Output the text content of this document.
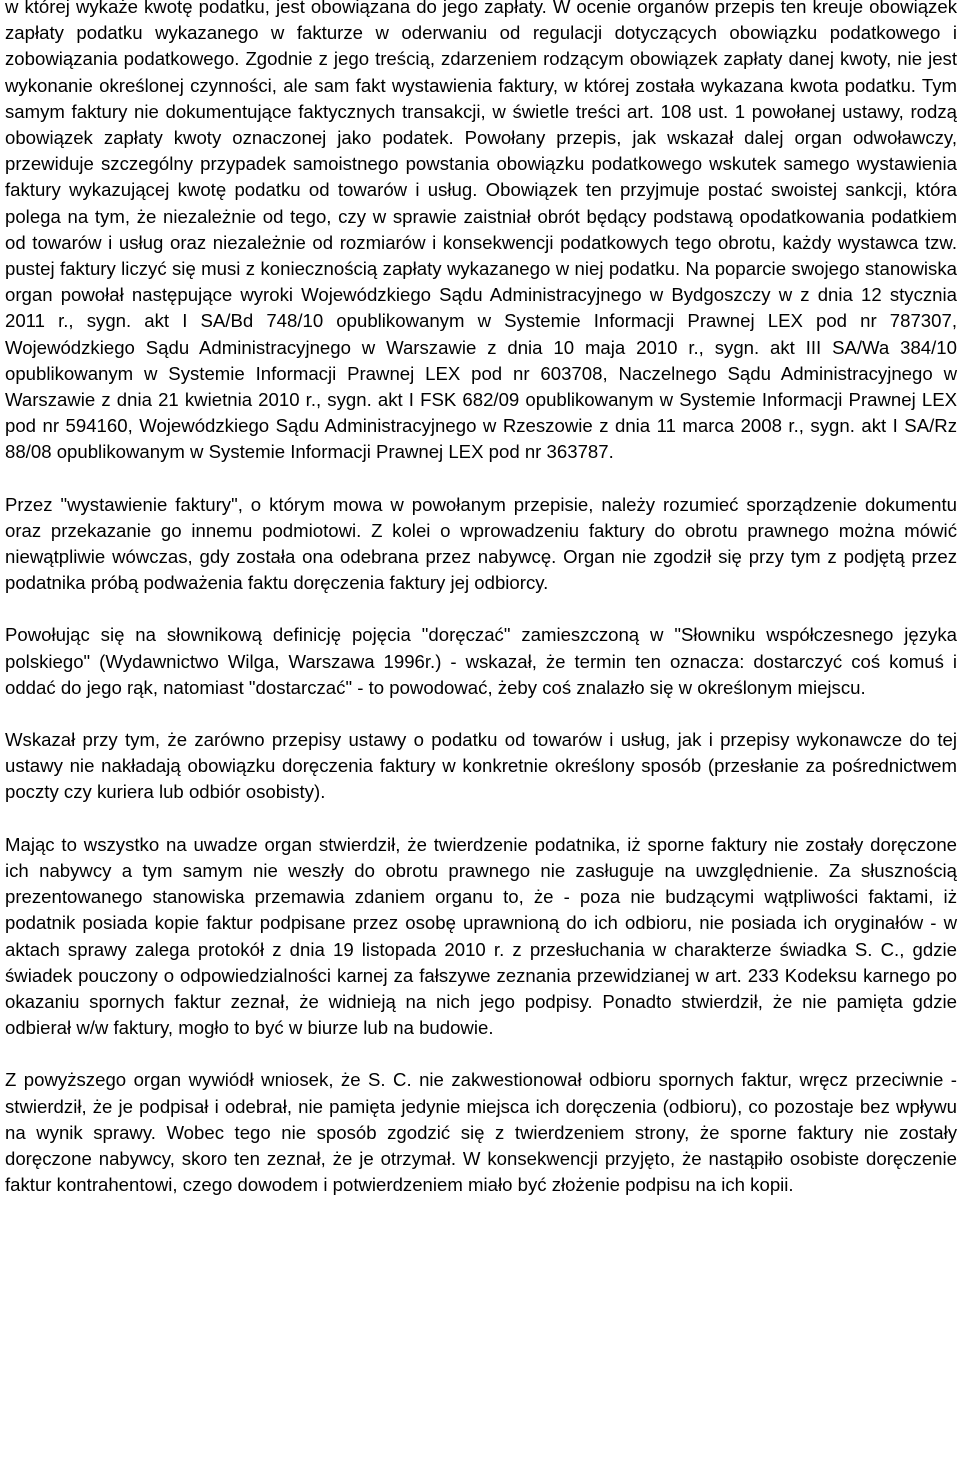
w której wykaże kwotę podatku, jest obowiązana do jego zapłaty. W ocenie organów przepis ten kreuje obowiązek zapłaty podatku wykazanego w fakturze w oderwaniu od regulacji dotyczących obowiązku podatkowego i zobowiązania podatkowego. Zgodnie z jego treścią, zdarzeniem rodzącym obowiązek zapłaty danej kwoty, nie jest wykonanie określonej czynności, ale sam fakt wystawienia faktury, w której została wykazana kwota podatku. Tym samym faktury nie dokumentujące faktycznych transakcji, w świetle treści art. 108 ust. 1 powołanej ustawy, rodzą obowiązek zapłaty kwoty oznaczonej jako podatek. Powołany przepis, jak wskazał dalej organ odwoławczy, przewiduje szczególny przypadek samoistnego powstania obowiązku podatkowego wskutek samego wystawienia faktury wykazującej kwotę podatku od towarów i usług. Obowiązek ten przyjmuje postać swoistej sankcji, która polega na tym, że niezależnie od tego, czy w sprawie zaistniał obrót będący podstawą opodatkowania podatkiem od towarów i usług oraz niezależnie od rozmiarów i konsekwencji podatkowych tego obrotu, każdy wystawca tzw. pustej faktury liczyć się musi z koniecznością zapłaty wykazanego w niej podatku. Na poparcie swojego stanowiska organ powołał następujące wyroki Wojewódzkiego Sądu Administracyjnego w Bydgoszczy w z dnia 12 stycznia 2011 r., sygn. akt I SA/Bd 748/10 opublikowanym w Systemie Informacji Prawnej LEX pod nr 787307, Wojewódzkiego Sądu Administracyjnego w Warszawie z dnia 10 maja 2010 r., sygn. akt III SA/Wa 384/10 opublikowanym w Systemie Informacji Prawnej LEX pod nr 603708, Naczelnego Sądu Administracyjnego w Warszawie z dnia 21 kwietnia 2010 r., sygn. akt I FSK 682/09 opublikowanym w Systemie Informacji Prawnej LEX pod nr 594160, Wojewódzkiego Sądu Administracyjnego w Rzeszowie z dnia 11 marca 2008 r., sygn. akt I SA/Rz 88/08 opublikowanym w Systemie Informacji Prawnej LEX pod nr 363787.

Przez "wystawienie faktury", o którym mowa w powołanym przepisie, należy rozumieć sporządzenie dokumentu oraz przekazanie go innemu podmiotowi. Z kolei o wprowadzeniu faktury do obrotu prawnego można mówić niewątpliwie wówczas, gdy została ona odebrana przez nabywcę. Organ nie zgodził się przy tym z podjętą przez podatnika próbą podważenia faktu doręczenia faktury jej odbiorcy.

Powołując się na słownikową definicję pojęcia "doręczać" zamieszczoną w "Słowniku współczesnego języka polskiego" (Wydawnictwo Wilga, Warszawa 1996r.) - wskazał, że termin ten oznacza: dostarczyć coś komuś i oddać do jego rąk, natomiast "dostarczać" - to powodować, żeby coś znalazło się w określonym miejscu.

Wskazał przy tym, że zarówno przepisy ustawy o podatku od towarów i usług, jak i przepisy wykonawcze do tej ustawy nie nakładają obowiązku doręczenia faktury w konkretnie określony sposób (przesłanie za pośrednictwem poczty czy kuriera lub odbiór osobisty).

Mając to wszystko na uwadze organ stwierdził, że twierdzenie podatnika, iż sporne faktury nie zostały doręczone ich nabywcy a tym samym nie weszły do obrotu prawnego nie zasługuje na uwzględnienie. Za słusznością prezentowanego stanowiska przemawia zdaniem organu to, że - poza nie budzącymi wątpliwości faktami, iż podatnik posiada kopie faktur podpisane przez osobę uprawnioną do ich odbioru, nie posiada ich oryginałów - w aktach sprawy zalega protokół z dnia 19 listopada 2010 r. z przesłuchania w charakterze świadka S. C., gdzie świadek pouczony o odpowiedzialności karnej za fałszywe zeznania przewidzianej w art. 233 Kodeksu karnego po okazaniu spornych faktur zeznał, że widnieją na nich jego podpisy. Ponadto stwierdził, że nie pamięta gdzie odbierał w/w faktury, mogło to być w biurze lub na budowie.

Z powyższego organ wywiódł wniosek, że S. C. nie zakwestionował odbioru spornych faktur, wręcz przeciwnie - stwierdził, że je podpisał i odebrał, nie pamięta jedynie miejsca ich doręczenia (odbioru), co pozostaje bez wpływu na wynik sprawy. Wobec tego nie sposób zgodzić się z twierdzeniem strony, że sporne faktury nie zostały doręczone nabywcy, skoro ten zeznał, że je otrzymał. W konsekwencji przyjęto, że nastąpiło osobiste doręczenie faktur kontrahentowi, czego dowodem i potwierdzeniem miało być złożenie podpisu na ich kopii.
